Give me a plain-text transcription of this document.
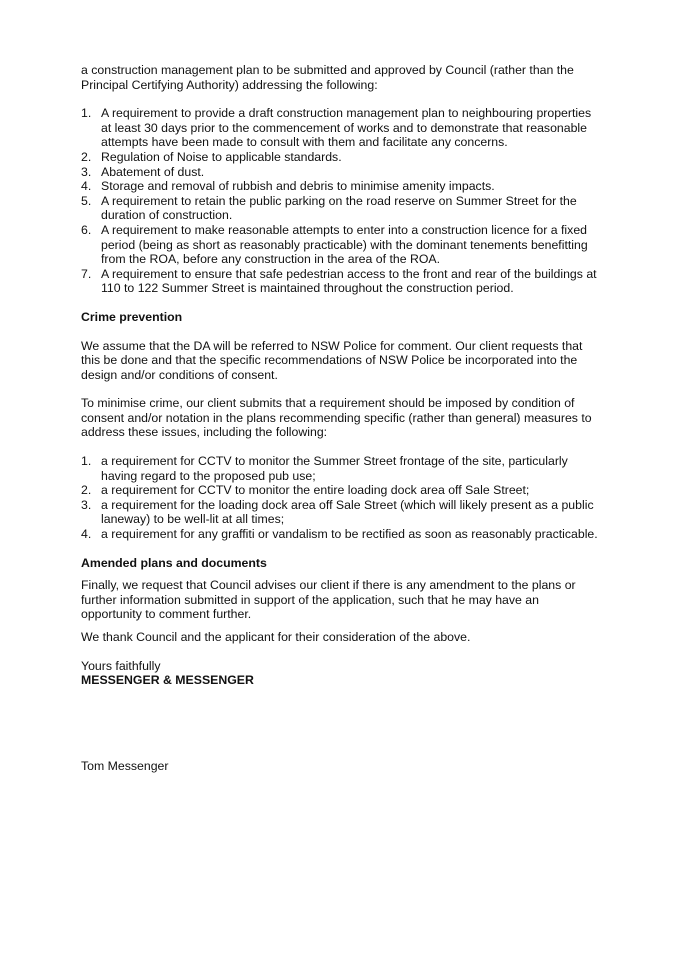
a construction management plan to be submitted and approved by Council (rather than the Principal Certifying Authority) addressing the following:

1. A requirement to provide a draft construction management plan to neighbouring properties at least 30 days prior to the commencement of works and to demonstrate that reasonable attempts have been made to consult with them and facilitate any concerns.
2. Regulation of Noise to applicable standards.
3. Abatement of dust.
4. Storage and removal of rubbish and debris to minimise amenity impacts.
5. A requirement to retain the public parking on the road reserve on Summer Street for the duration of construction.
6. A requirement to make reasonable attempts to enter into a construction licence for a fixed period (being as short as reasonably practicable) with the dominant tenements benefitting from the ROA, before any construction in the area of the ROA.
7. A requirement to ensure that safe pedestrian access to the front and rear of the buildings at 110 to 122 Summer Street is maintained throughout the construction period.

Crime prevention

We assume that the DA will be referred to NSW Police for comment. Our client requests that this be done and that the specific recommendations of NSW Police be incorporated into the design and/or conditions of consent.

To minimise crime, our client submits that a requirement should be imposed by condition of consent and/or notation in the plans recommending specific (rather than general) measures to address these issues, including the following:

1. a requirement for CCTV to monitor the Summer Street frontage of the site, particularly having regard to the proposed pub use;
2. a requirement for CCTV to monitor the entire loading dock area off Sale Street;
3. a requirement for the loading dock area off Sale Street (which will likely present as a public laneway) to be well-lit at all times;
4. a requirement for any graffiti or vandalism to be rectified as soon as reasonably practicable.

Amended plans and documents

Finally, we request that Council advises our client if there is any amendment to the plans or further information submitted in support of the application, such that he may have an opportunity to comment further.

We thank Council and the applicant for their consideration of the above.

Yours faithfully

MESSENGER & MESSENGER

Tom Messenger
